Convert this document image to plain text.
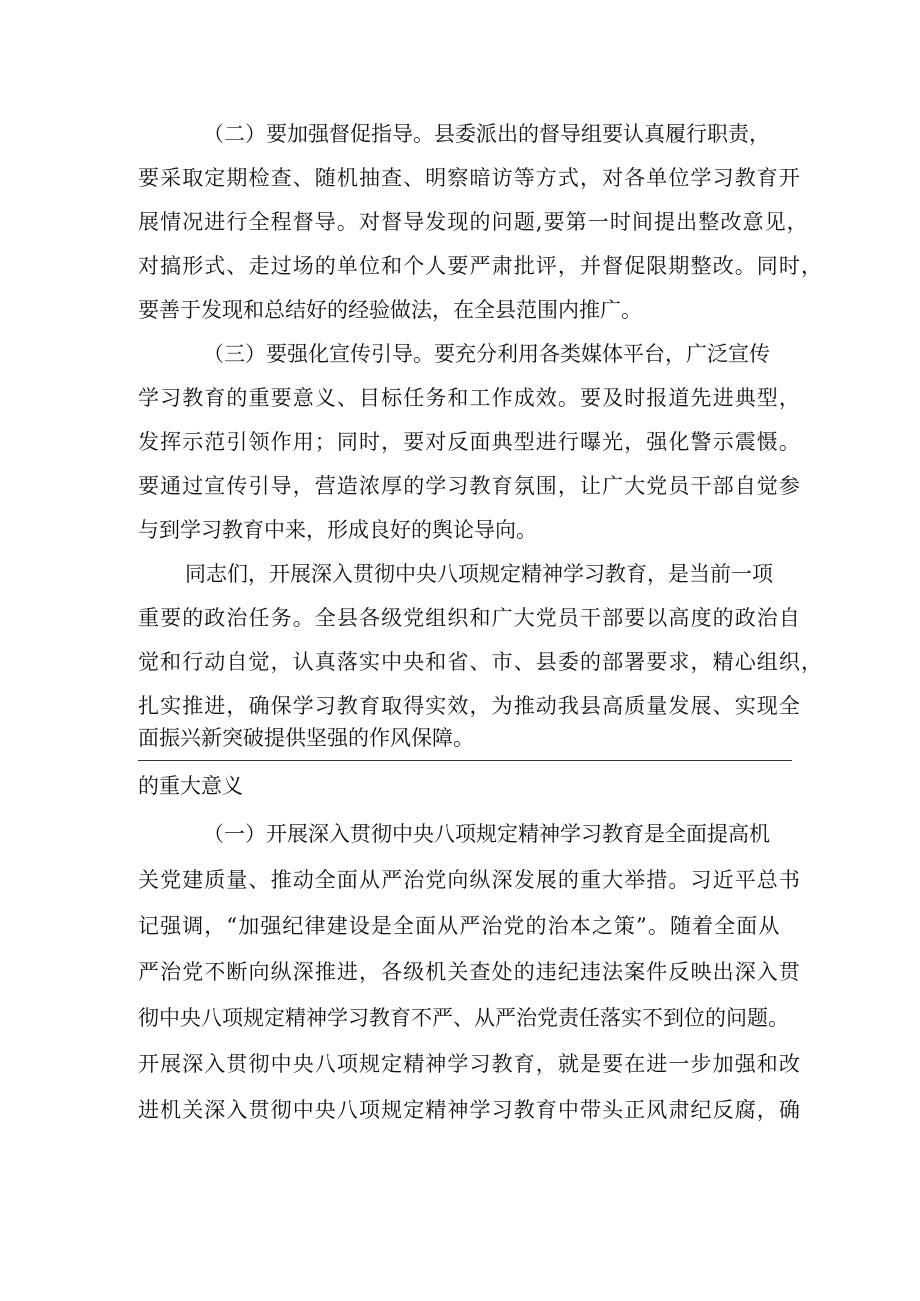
（二）要加强督促指导。县委派出的督导组要认真履行职责，
要采取定期检查、随机抽查、明察暗访等方式，对各单位学习教育开
展情况进行全程督导。对督导发现的问题,要第一时间提出整改意见，
对搞形式、走过场的单位和个人要严肃批评，并督促限期整改。同时，
要善于发现和总结好的经验做法，在全县范围内推广。
（三）要强化宣传引导。要充分利用各类媒体平台，广泛宣传
学习教育的重要意义、目标任务和工作成效。要及时报道先进典型，
发挥示范引领作用；同时，要对反面典型进行曝光，强化警示震慑。
要通过宣传引导，营造浓厚的学习教育氛围，让广大党员干部自觉参
与到学习教育中来，形成良好的舆论导向。
同志们，开展深入贯彻中央八项规定精神学习教育，是当前一项
重要的政治任务。全县各级党组织和广大党员干部要以高度的政治自
觉和行动自觉，认真落实中央和省、市、县委的部署要求，精心组织，
扎实推进，确保学习教育取得实效，为推动我县高质量发展、实现全
面振兴新突破提供坚强的作风保障。
的重大意义
（一）开展深入贯彻中央八项规定精神学习教育是全面提高机
关党建质量、推动全面从严治党向纵深发展的重大举措。习近平总书
记强调，“加强纪律建设是全面从严治党的治本之策”。随着全面从
严治党不断向纵深推进，各级机关查处的违纪违法案件反映出深入贯
彻中央八项规定精神学习教育不严、从严治党责任落实不到位的问题。
开展深入贯彻中央八项规定精神学习教育，就是要在进一步加强和改
进机关深入贯彻中央八项规定精神学习教育中带头正风肃纪反腐，确
